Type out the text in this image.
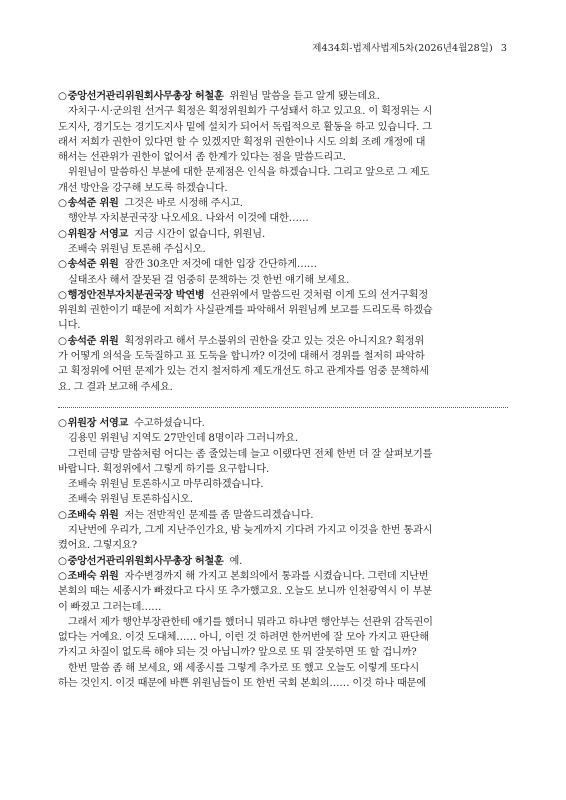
제434회-법제사법제5차(2026년4월28일) 3
○중앙선거관리위원회사무총장 허철훈 위원님 말씀을 듣고 알게 됐는데요.
자치구·시·군의원 선거구 획정은 획정위원회가 구성돼서 하고 있고요. 이 획정위는 시
도지사, 경기도는 경기도지사 밑에 설치가 되어서 독립적으로 활동을 하고 있습니다. 그
래서 저희가 권한이 있다면 할 수 있겠지만 획정위 권한이나 시도 의회 조례 개정에 대
해서는 선관위가 권한이 없어서 좀 한계가 있다는 점을 말씀드리고.
위원님이 말씀하신 부분에 대한 문제점은 인식을 하겠습니다. 그리고 앞으로 그 제도
개선 방안을 강구해 보도록 하겠습니다.
○송석준 위원 그것은 바로 시정해 주시고.
행안부 자치분권국장 나오세요. 나와서 이것에 대한……
○위원장 서영교 지금 시간이 없습니다, 위원님.
조배숙 위원님 토론해 주십시오.
○송석준 위원 잠깐 30초만 저것에 대한 입장 간단하게……
실태조사 해서 잘못된 걸 엄중히 문책하는 것 한번 얘기해 보세요.
○행정안전부자치분권국장 박연병 선관위에서 말씀드린 것처럼 이게 도의 선거구획정
위원회 권한이기 때문에 저희가 사실관계를 파악해서 위원님께 보고를 드리도록 하겠습
니다.
○송석준 위원 획정위라고 해서 무소불위의 권한을 갖고 있는 것은 아니지요? 획정위
가 어떻게 의석을 도둑질하고 표 도둑을 합니까? 이것에 대해서 경위를 철저히 파악하
고 획정위에 어떤 문제가 있는 건지 철저하게 제도개선도 하고 관계자를 엄중 문책하세
요. 그 결과 보고해 주세요.
○위원장 서영교 수고하셨습니다.
김용민 위원님 지역도 27만인데 8명이라 그러니까요.
그런데 금방 말씀처럼 어디는 좀 줄었는데 늘고 이랬다면 전체 한번 더 잘 살펴보기를
바랍니다. 획정위에서 그렇게 하기를 요구합니다.
조배숙 위원님 토론하시고 마무리하겠습니다.
조배숙 위원님 토론하십시오.
○조배숙 위원 저는 전반적인 문제를 좀 말씀드리겠습니다.
지난번에 우리가, 그게 지난주인가요, 밤 늦게까지 기다려 가지고 이것을 한번 통과시
켰어요. 그렇지요?
○중앙선거관리위원회사무총장 허철훈 예.
○조배숙 위원 자수변경까지 해 가지고 본회의에서 통과를 시켰습니다. 그런데 지난번
본회의 때는 세종시가 빠졌다고 다시 또 추가했고요. 오늘도 보니까 인천광역시 이 부분
이 빠졌고 그러는데……
그래서 제가 행안부장관한테 얘기를 했더니 뭐라고 하냐면 행안부는 선관위 감독권이
없다는 거예요. 이것 도대체…… 아니, 이런 것 하려면 한꺼번에 잘 모아 가지고 판단해
가지고 차질이 없도록 해야 되는 것 아닙니까? 앞으로 또 뭐 잘못하면 또 할 겁니까?
한번 말씀 좀 해 보세요, 왜 세종시를 그렇게 추가로 또 했고 오늘도 이렇게 또다시
하는 것인지. 이것 때문에 바쁜 위원님들이 또 한번 국회 본회의…… 이것 하나 때문에
